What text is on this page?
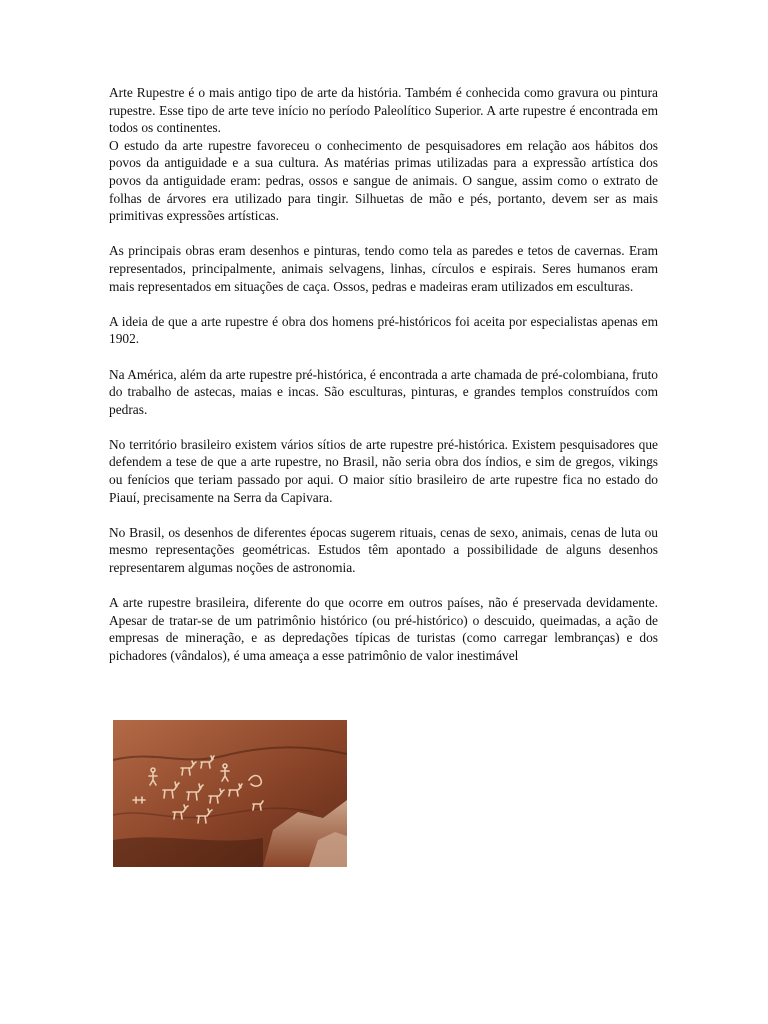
Arte Rupestre é o mais antigo tipo de arte da história. Também é conhecida como gravura ou pintura rupestre. Esse tipo de arte teve início no período Paleolítico Superior. A arte rupestre é encontrada em todos os continentes.

O estudo da arte rupestre favoreceu o conhecimento de pesquisadores em relação aos hábitos dos povos da antiguidade e a sua cultura. As matérias primas utilizadas para a expressão artística dos povos da antiguidade eram: pedras, ossos e sangue de animais. O sangue, assim como o extrato de folhas de árvores era utilizado para tingir. Silhuetas de mão e pés, portanto, devem ser as mais primitivas expressões artísticas.

As principais obras eram desenhos e pinturas, tendo como tela as paredes e tetos de cavernas. Eram representados, principalmente, animais selvagens, linhas, círculos e espirais. Seres humanos eram mais representados em situações de caça. Ossos, pedras e madeiras eram utilizados em esculturas.

A ideia de que a arte rupestre é obra dos homens pré-históricos foi aceita por especialistas apenas em 1902.

Na América, além da arte rupestre pré-histórica, é encontrada a arte chamada de pré-colombiana, fruto do trabalho de astecas, maias e incas. São esculturas, pinturas, e grandes templos construídos com pedras.

No território brasileiro existem vários sítios de arte rupestre pré-histórica. Existem pesquisadores que defendem a tese de que a arte rupestre, no Brasil, não seria obra dos índios, e sim de gregos, vikings ou fenícios que teriam passado por aqui. O maior sítio brasileiro de arte rupestre fica no estado do Piauí, precisamente na Serra da Capivara.

No Brasil, os desenhos de diferentes épocas sugerem rituais, cenas de sexo, animais, cenas de luta ou mesmo representações geométricas. Estudos têm apontado a possibilidade de alguns desenhos representarem algumas noções de astronomia.

A arte rupestre brasileira, diferente do que ocorre em outros países, não é preservada devidamente. Apesar de tratar-se de um patrimônio histórico (ou pré-histórico) o descuido, queimadas, a ação de empresas de mineração, e as depredações típicas de turistas (como carregar lembranças) e dos pichadores (vândalos), é uma ameaça a esse patrimônio de valor inestimável
